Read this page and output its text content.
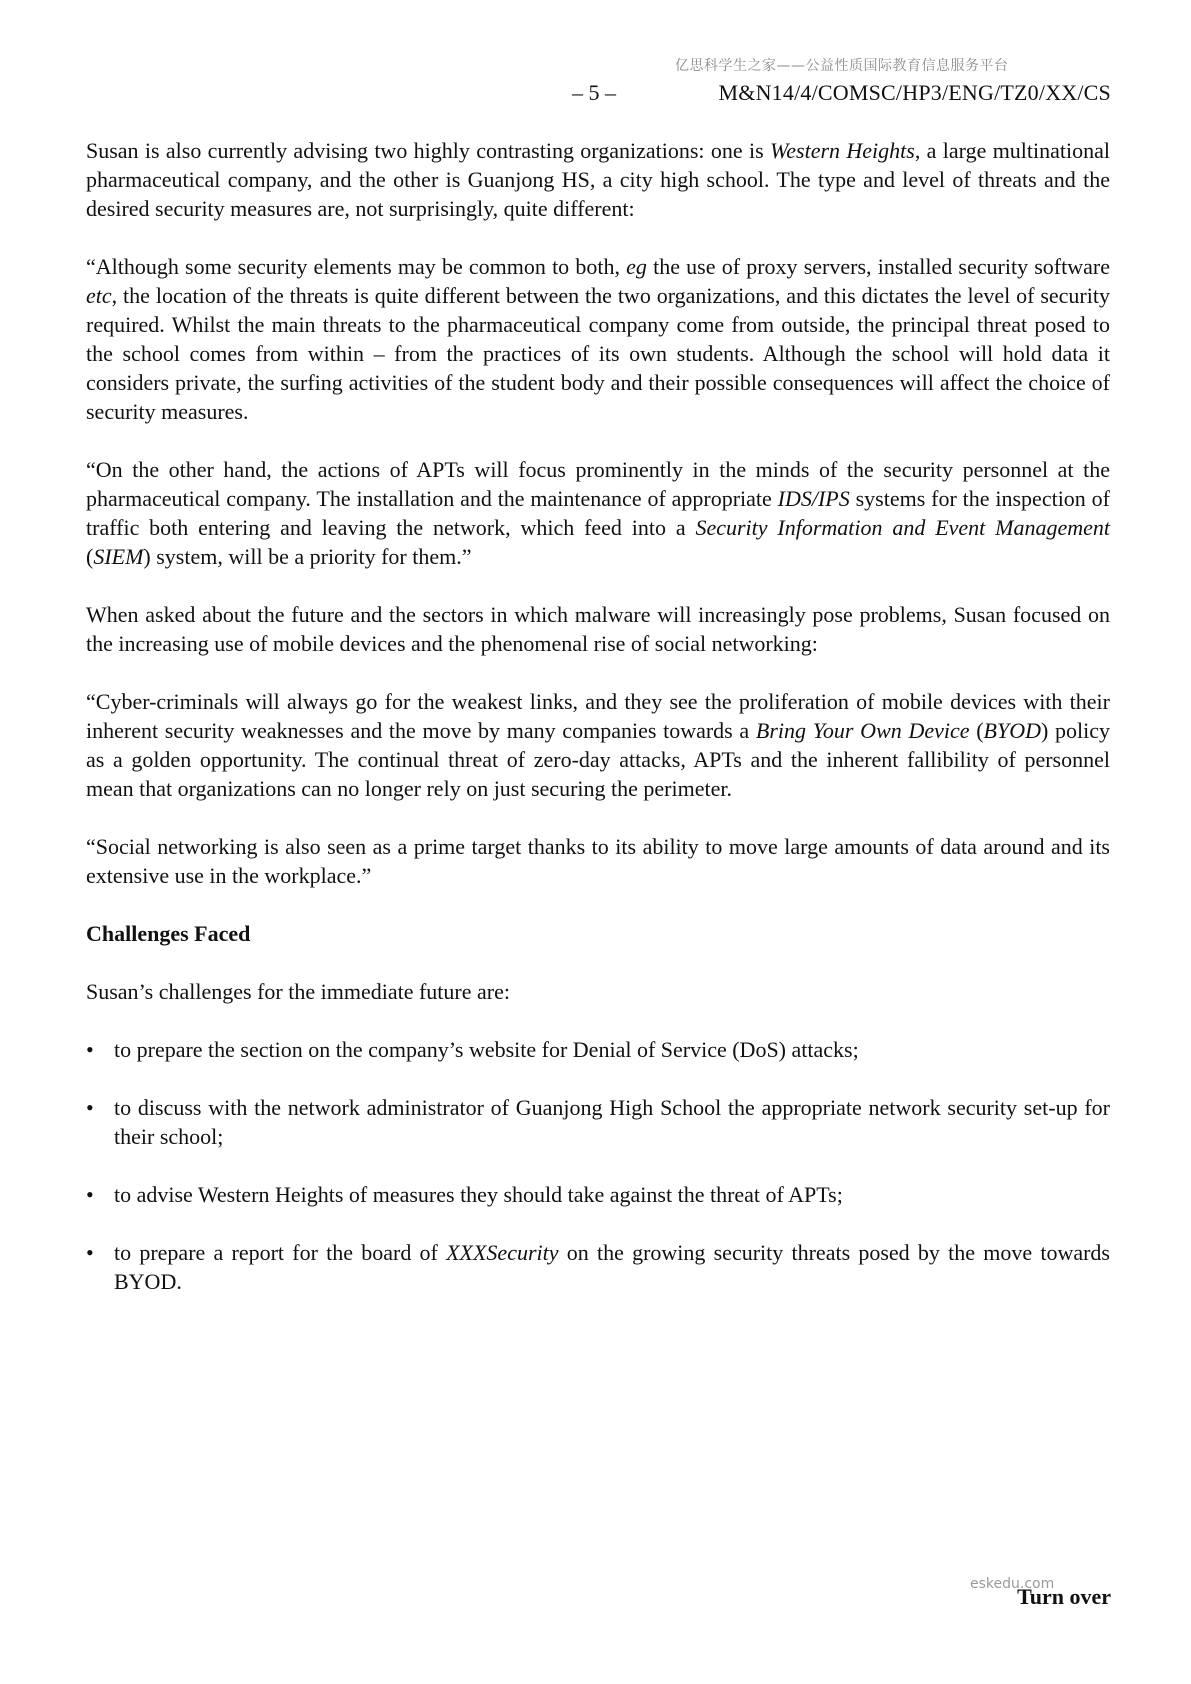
亿思科学生之家——公益性质国际教育信息服务平台
– 5 –	M&N14/4/COMSC/HP3/ENG/TZ0/XX/CS

Susan is also currently advising two highly contrasting organizations: one is Western Heights, a large multinational pharmaceutical company, and the other is Guanjong HS, a city high school. The type and level of threats and the desired security measures are, not surprisingly, quite different:

“Although some security elements may be common to both, eg the use of proxy servers, installed security software etc, the location of the threats is quite different between the two organizations, and this dictates the level of security required. Whilst the main threats to the pharmaceutical company come from outside, the principal threat posed to the school comes from within – from the practices of its own students. Although the school will hold data it considers private, the surfing activities of the student body and their possible consequences will affect the choice of security measures.

“On the other hand, the actions of APTs will focus prominently in the minds of the security personnel at the pharmaceutical company. The installation and the maintenance of appropriate IDS/IPS systems for the inspection of traffic both entering and leaving the network, which feed into a Security Information and Event Management (SIEM) system, will be a priority for them.”

When asked about the future and the sectors in which malware will increasingly pose problems, Susan focused on the increasing use of mobile devices and the phenomenal rise of social networking:

“Cyber-criminals will always go for the weakest links, and they see the proliferation of mobile devices with their inherent security weaknesses and the move by many companies towards a Bring Your Own Device (BYOD) policy as a golden opportunity. The continual threat of zero-day attacks, APTs and the inherent fallibility of personnel mean that organizations can no longer rely on just securing the perimeter.

“Social networking is also seen as a prime target thanks to its ability to move large amounts of data around and its extensive use in the workplace.”

Challenges Faced

Susan’s challenges for the immediate future are:

• to prepare the section on the company’s website for Denial of Service (DoS) attacks;
• to discuss with the network administrator of Guanjong High School the appropriate network security set-up for their school;
• to advise Western Heights of measures they should take against the threat of APTs;
• to prepare a report for the board of XXXSecurity on the growing security threats posed by the move towards BYOD.
eskedu.com
Turn over
